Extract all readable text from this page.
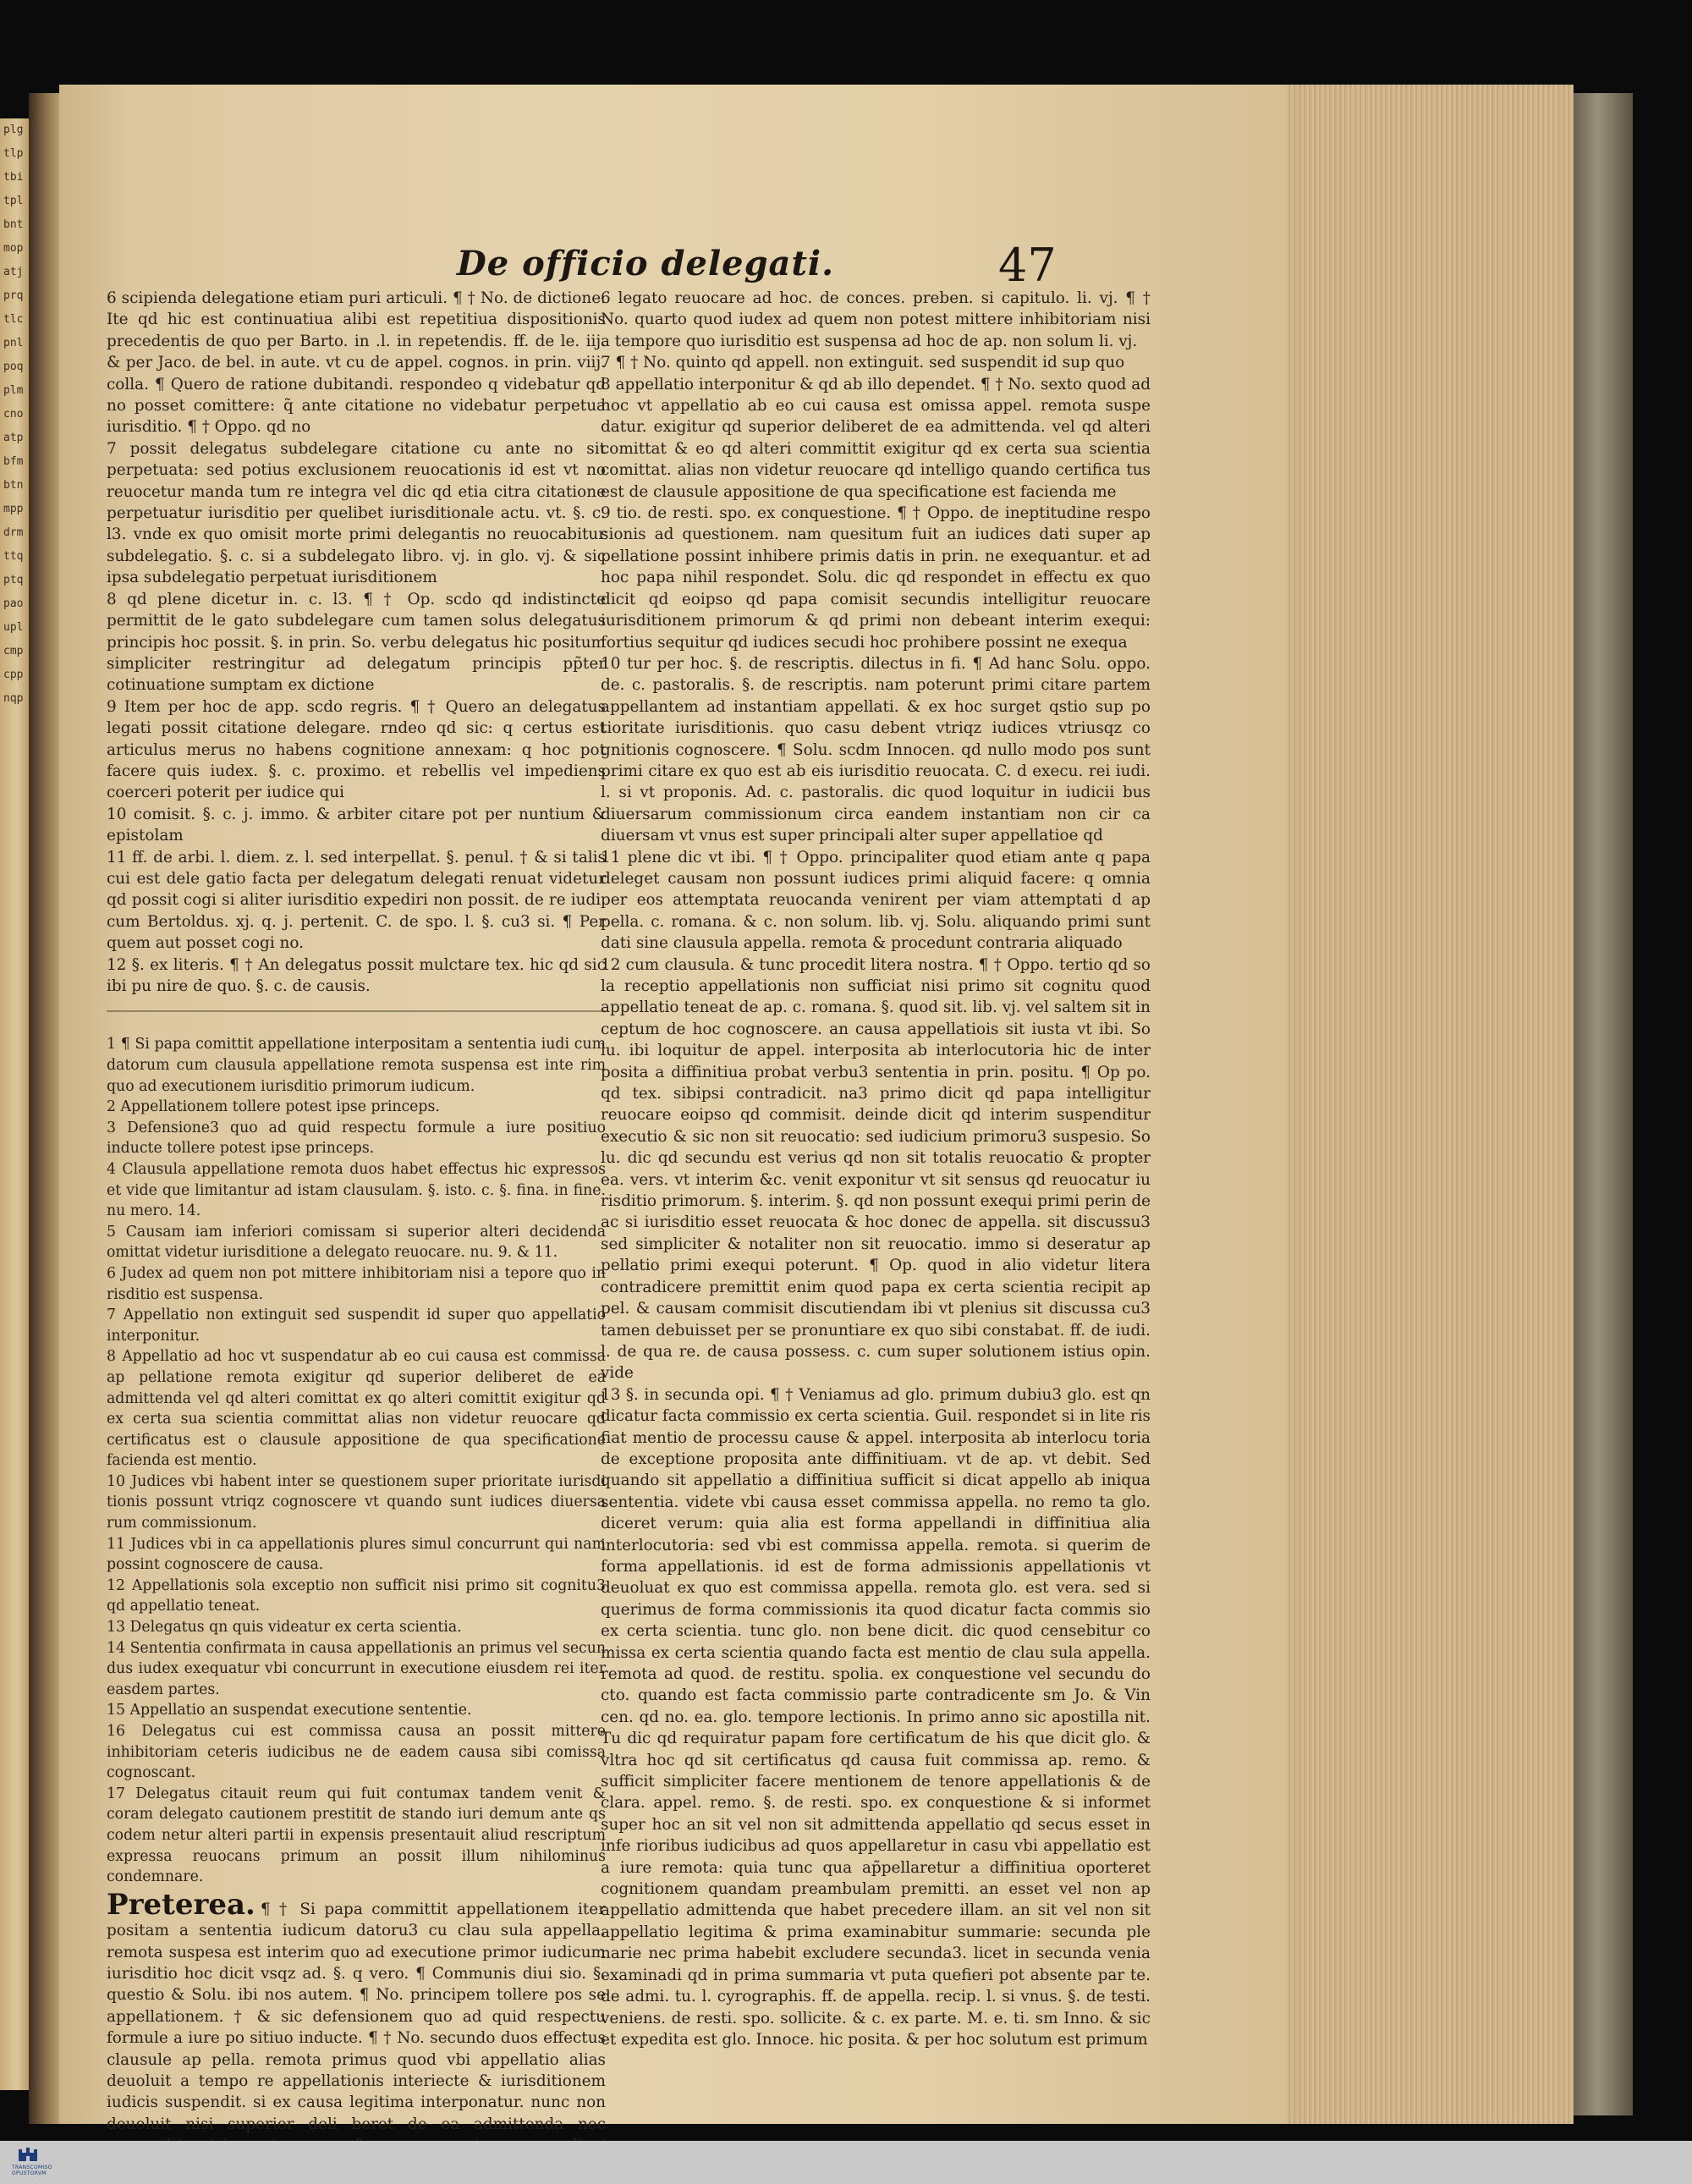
plgtlptbitplbntmopatjprqtlcpnlpoqplmcnoatpbfmbtnmppdrmttqptqpaouplcmpcppnqp
De officio delegati.	47

6 scipienda delegatione etiam puri articuli. ¶ † No. de dictione. Ite qd hic est continuatiua alibi est repetitiua dispositionis precedentis de quo per Barto. in .l. in repetendis. ff. de le. iij. & per Jaco. de bel. in aute. vt cu de appel. cognos. in prin. viij. colla. ¶ Quero de ratione dubitandi. respondeo q videbatur qd no posset comittere: q̃ ante citatione no videbatur perpetua iurisditio. ¶ † Oppo. qd no

7 possit delegatus subdelegare citatione cu ante no sit perpetuata: sed potius exclusionem reuocationis id est vt no reuocetur manda tum re integra vel dic qd etia citra citatione perpetuatur iurisditio per quelibet iurisditionale actu. vt. §. c. l3. vnde ex quo omisit morte primi delegantis no reuocabitur subdelegatio. §. c. si a subdelegato libro. vj. in glo. vj. & sic ipsa subdelegatio perpetuat iurisditionem

8 qd plene dicetur in. c. l3. ¶ † Op. scdo qd indistincte permittit de le gato subdelegare cum tamen solus delegatus principis hoc possit. §. in prin. So. verbu delegatus hic positum simpliciter restringitur ad delegatum principis pp̃ter cotinuatione sumptam ex dictione

9 Item per hoc de app. scdo regris. ¶ † Quero an delegatus legati possit citatione delegare. rndeo qd sic: q certus est articulus merus no habens cognitione annexam: q hoc pot facere quis iudex. §. c. proximo. et rebellis vel impediens coerceri poterit per iudice qui

10 comisit. §. c. j. immo. & arbiter citare pot per nuntium & epistolam

11 ff. de arbi. l. diem. z. l. sed interpellat. §. penul. † & si talis cui est dele gatio facta per delegatum delegati renuat videtur qd possit cogi si aliter iurisditio expediri non possit. de re iudi. cum Bertoldus. xj. q. j. pertenit. C. de spo. l. §. cu3 si. ¶ Per quem aut posset cogi no.

12 §. ex literis. ¶ † An delegatus possit mulctare tex. hic qd sic ibi pu nire de quo. §. c. de causis.

1 ¶ Si papa comittit appellatione interpositam a sententia iudi cum datorum cum clausula appellatione remota suspensa est inte rim quo ad executionem iurisditio primorum iudicum.
2 Appellationem tollere potest ipse princeps.
3 Defensione3 quo ad quid respectu formule a iure positiuo inducte tollere potest ipse princeps.
4 Clausula appellatione remota duos habet effectus hic expressos et vide que limitantur ad istam clausulam. §. isto. c. §. fina. in fine. nu mero. 14.
5 Causam iam inferiori comissam si superior alteri decidenda omittat videtur iurisditione a delegato reuocare. nu. 9. & 11.
6 Judex ad quem non pot mittere inhibitoriam nisi a tepore quo in risditio est suspensa.
7 Appellatio non extinguit sed suspendit id super quo appellatio interponitur.
8 Appellatio ad hoc vt suspendatur ab eo cui causa est commissa ap pellatione remota exigitur qd superior deliberet de ea admittenda vel qd alteri comittat ex qo alteri comittit exigitur qd ex certa sua scientia committat alias non videtur reuocare qd certificatus est o clausule appositione de qua specificatione facienda est mentio.
10 Judices vbi habent inter se questionem super prioritate iurisdi tionis possunt vtriqz cognoscere vt quando sunt iudices diuersa rum commissionum.
11 Judices vbi in ca appellationis plures simul concurrunt qui nam possint cognoscere de causa.
12 Appellationis sola exceptio non sufficit nisi primo sit cognitu3 qd appellatio teneat.
13 Delegatus qn quis videatur ex certa scientia.
14 Sententia confirmata in causa appellationis an primus vel secun dus iudex exequatur vbi concurrunt in executione eiusdem rei iter easdem partes.
15 Appellatio an suspendat executione sententie.
16 Delegatus cui est commissa causa an possit mittere inhibitoriam ceteris iudicibus ne de eadem causa sibi comissa cognoscant.
17 Delegatus citauit reum qui fuit contumax tandem venit & coram delegato cautionem prestitit de stando iuri demum ante qs codem netur alteri partii in expensis presentauit aliud rescriptum expressa reuocans primum an possit illum nihilominus condemnare.

Preterea. ¶ † Si papa committit appellationem iter positam a sententia iudicum datoru3 cu clau sula appella. remota suspesa est interim quo ad executione primor iudicum iurisditio hoc dicit vsqz ad. §. q vero. ¶ Communis diui sio. §. questio & Solu. ibi nos autem. ¶ No. principem tollere pos se appellationem. † & sic defensionem quo ad quid respectu formule a iure po sitiuo inducte. ¶ † No. secundo duos effectus clausule ap pella. remota primus quod vbi appellatio alias deuoluit a tempo re appellationis interiecte & iurisditionem iudicis suspendit. si ex causa legitima interponatur. nunc non deuoluit nisi superior deli beret de ea admittenda nec

6 legato reuocare ad hoc. de conces. preben. si capitulo. li. vj. ¶ † No. quarto quod iudex ad quem non potest mittere inhibitoriam nisi a tempore quo iurisditio est suspensa ad hoc de ap. non solum li. vj.

7 ¶ † No. quinto qd appell. non extinguit. sed suspendit id sup quo

8 appellatio interponitur & qd ab illo dependet. ¶ † No. sexto quod ad hoc vt appellatio ab eo cui causa est omissa appel. remota suspe datur. exigitur qd superior deliberet de ea admittenda. vel qd alteri comittat & eo qd alteri committit exigitur qd ex certa sua scientia comittat. alias non videtur reuocare qd intelligo quando certifica tus est de clausule appositione de qua specificatione est facienda me

9 tio. de resti. spo. ex conquestione. ¶ † Oppo. de ineptitudine respo sionis ad questionem. nam quesitum fuit an iudices dati super ap pellatione possint inhibere primis datis in prin. ne exequantur. et ad hoc papa nihil respondet. Solu. dic qd respondet in effectu ex quo dicit qd eoipso qd papa comisit secundis intelligitur reuocare iurisditionem primorum & qd primi non debeant interim exequi: fortius sequitur qd iudices secudi hoc prohibere possint ne exequa

10 tur per hoc. §. de rescriptis. dilectus in fi. ¶ Ad hanc Solu. oppo. de. c. pastoralis. §. de rescriptis. nam poterunt primi citare partem appellantem ad instantiam appellati. & ex hoc surget qstio sup po tioritate iurisditionis. quo casu debent vtriqz iudices vtriusqz co gnitionis cognoscere. ¶ Solu. scdm Innocen. qd nullo modo pos sunt primi citare ex quo est ab eis iurisditio reuocata. C. d execu. rei iudi. l. si vt proponis. Ad. c. pastoralis. dic quod loquitur in iudicii bus diuersarum commissionum circa eandem instantiam non cir ca diuersam vt vnus est super principali alter super appellatioe qd

11 plene dic vt ibi. ¶ † Oppo. principaliter quod etiam ante q papa deleget causam non possunt iudices primi aliquid facere: q omnia per eos attemptata reuocanda venirent per viam attemptati d ap pella. c. romana. & c. non solum. lib. vj. Solu. aliquando primi sunt dati sine clausula appella. remota & procedunt contraria aliquado

12 cum clausula. & tunc procedit litera nostra. ¶ † Oppo. tertio qd so la receptio appellationis non sufficiat nisi primo sit cognitu quod appellatio teneat de ap. c. romana. §. quod sit. lib. vj. vel saltem sit in ceptum de hoc cognoscere. an causa appellatiois sit iusta vt ibi. So lu. ibi loquitur de appel. interposita ab interlocutoria hic de inter posita a diffinitiua probat verbu3 sententia in prin. positu. ¶ Op po. qd tex. sibipsi contradicit. na3 primo dicit qd papa intelligitur reuocare eoipso qd commisit. deinde dicit qd interim suspenditur executio & sic non sit reuocatio: sed iudicium primoru3 suspesio. So lu. dic qd secundu est verius qd non sit totalis reuocatio & propter ea. vers. vt interim &c. venit exponitur vt sit sensus qd reuocatur iu risditio primorum. §. interim. §. qd non possunt exequi primi perin de ac si iurisditio esset reuocata & hoc donec de appella. sit discussu3 sed simpliciter & notaliter non sit reuocatio. immo si deseratur ap pellatio primi exequi poterunt. ¶ Op. quod in alio videtur litera contradicere premittit enim quod papa ex certa scientia recipit ap pel. & causam commisit discutiendam ibi vt plenius sit discussa cu3 tamen debuisset per se pronuntiare ex quo sibi constabat. ff. de iudi. l. de qua re. de causa possess. c. cum super solutionem istius opin. vide

13 §. in secunda opi. ¶ † Veniamus ad glo. primum dubiu3 glo. est qn dicatur facta commissio ex certa scientia. Guil. respondet si in lite ris fiat mentio de processu cause & appel. interposita ab interlocu toria de exceptione proposita ante diffinitiuam. vt de ap. vt debit. Sed quando sit appellatio a diffinitiua sufficit si dicat appello ab iniqua sententia. videte vbi causa esset commissa appella. no remo ta glo. diceret verum: quia alia est forma appellandi in diffinitiua alia interlocutoria: sed vbi est commissa appella. remota. si querim de forma appellationis. id est de forma admissionis appellationis vt deuoluat ex quo est commissa appella. remota glo. est vera. sed si querimus de forma commissionis ita quod dicatur facta commis sio ex certa scientia. tunc glo. non bene dicit. dic quod censebitur co missa ex certa scientia quando facta est mentio de clau sula appella. remota ad quod. de restitu. spolia. ex conquestione vel secundu do cto. quando est facta commissio parte contradicente sm Jo. & Vin cen. qd no. ea. glo. tempore lectionis. In primo anno sic apostilla nit. Tu dic qd requiratur papam fore certificatum de his que dicit glo. & vltra hoc qd sit certificatus qd causa fuit commissa ap. remo. & sufficit simpliciter facere mentionem de tenore appellationis & de clara. appel. remo. §. de resti. spo. ex conquestione & si informet super hoc an sit vel non sit admittenda appellatio qd secus esset in infe rioribus iudicibus ad quos appellaretur in casu vbi appellatio est a iure remota: quia tunc qua ap̃pellaretur a diffinitiua oporteret cognitionem quandam preambulam premitti. an esset vel non ap appellatio admittenda que habet precedere illam. an sit vel non sit appellatio legitima & prima examinabitur summarie: secunda ple narie nec prima habebit excludere secunda3. licet in secunda venia examinadi qd in prima summaria vt puta quefieri pot absente par te. de admi. tu. l. cyrographis. ff. de appella. recip. l. si vnus. §. de testi. veniens. de resti. spo. sollicite. & c. ex parte. M. e. ti. sm Inno. & sic et expedita est glo. Innoce. hic posita. & per hoc solutum est primum

TRANSCOMISO OPUSTORVM
